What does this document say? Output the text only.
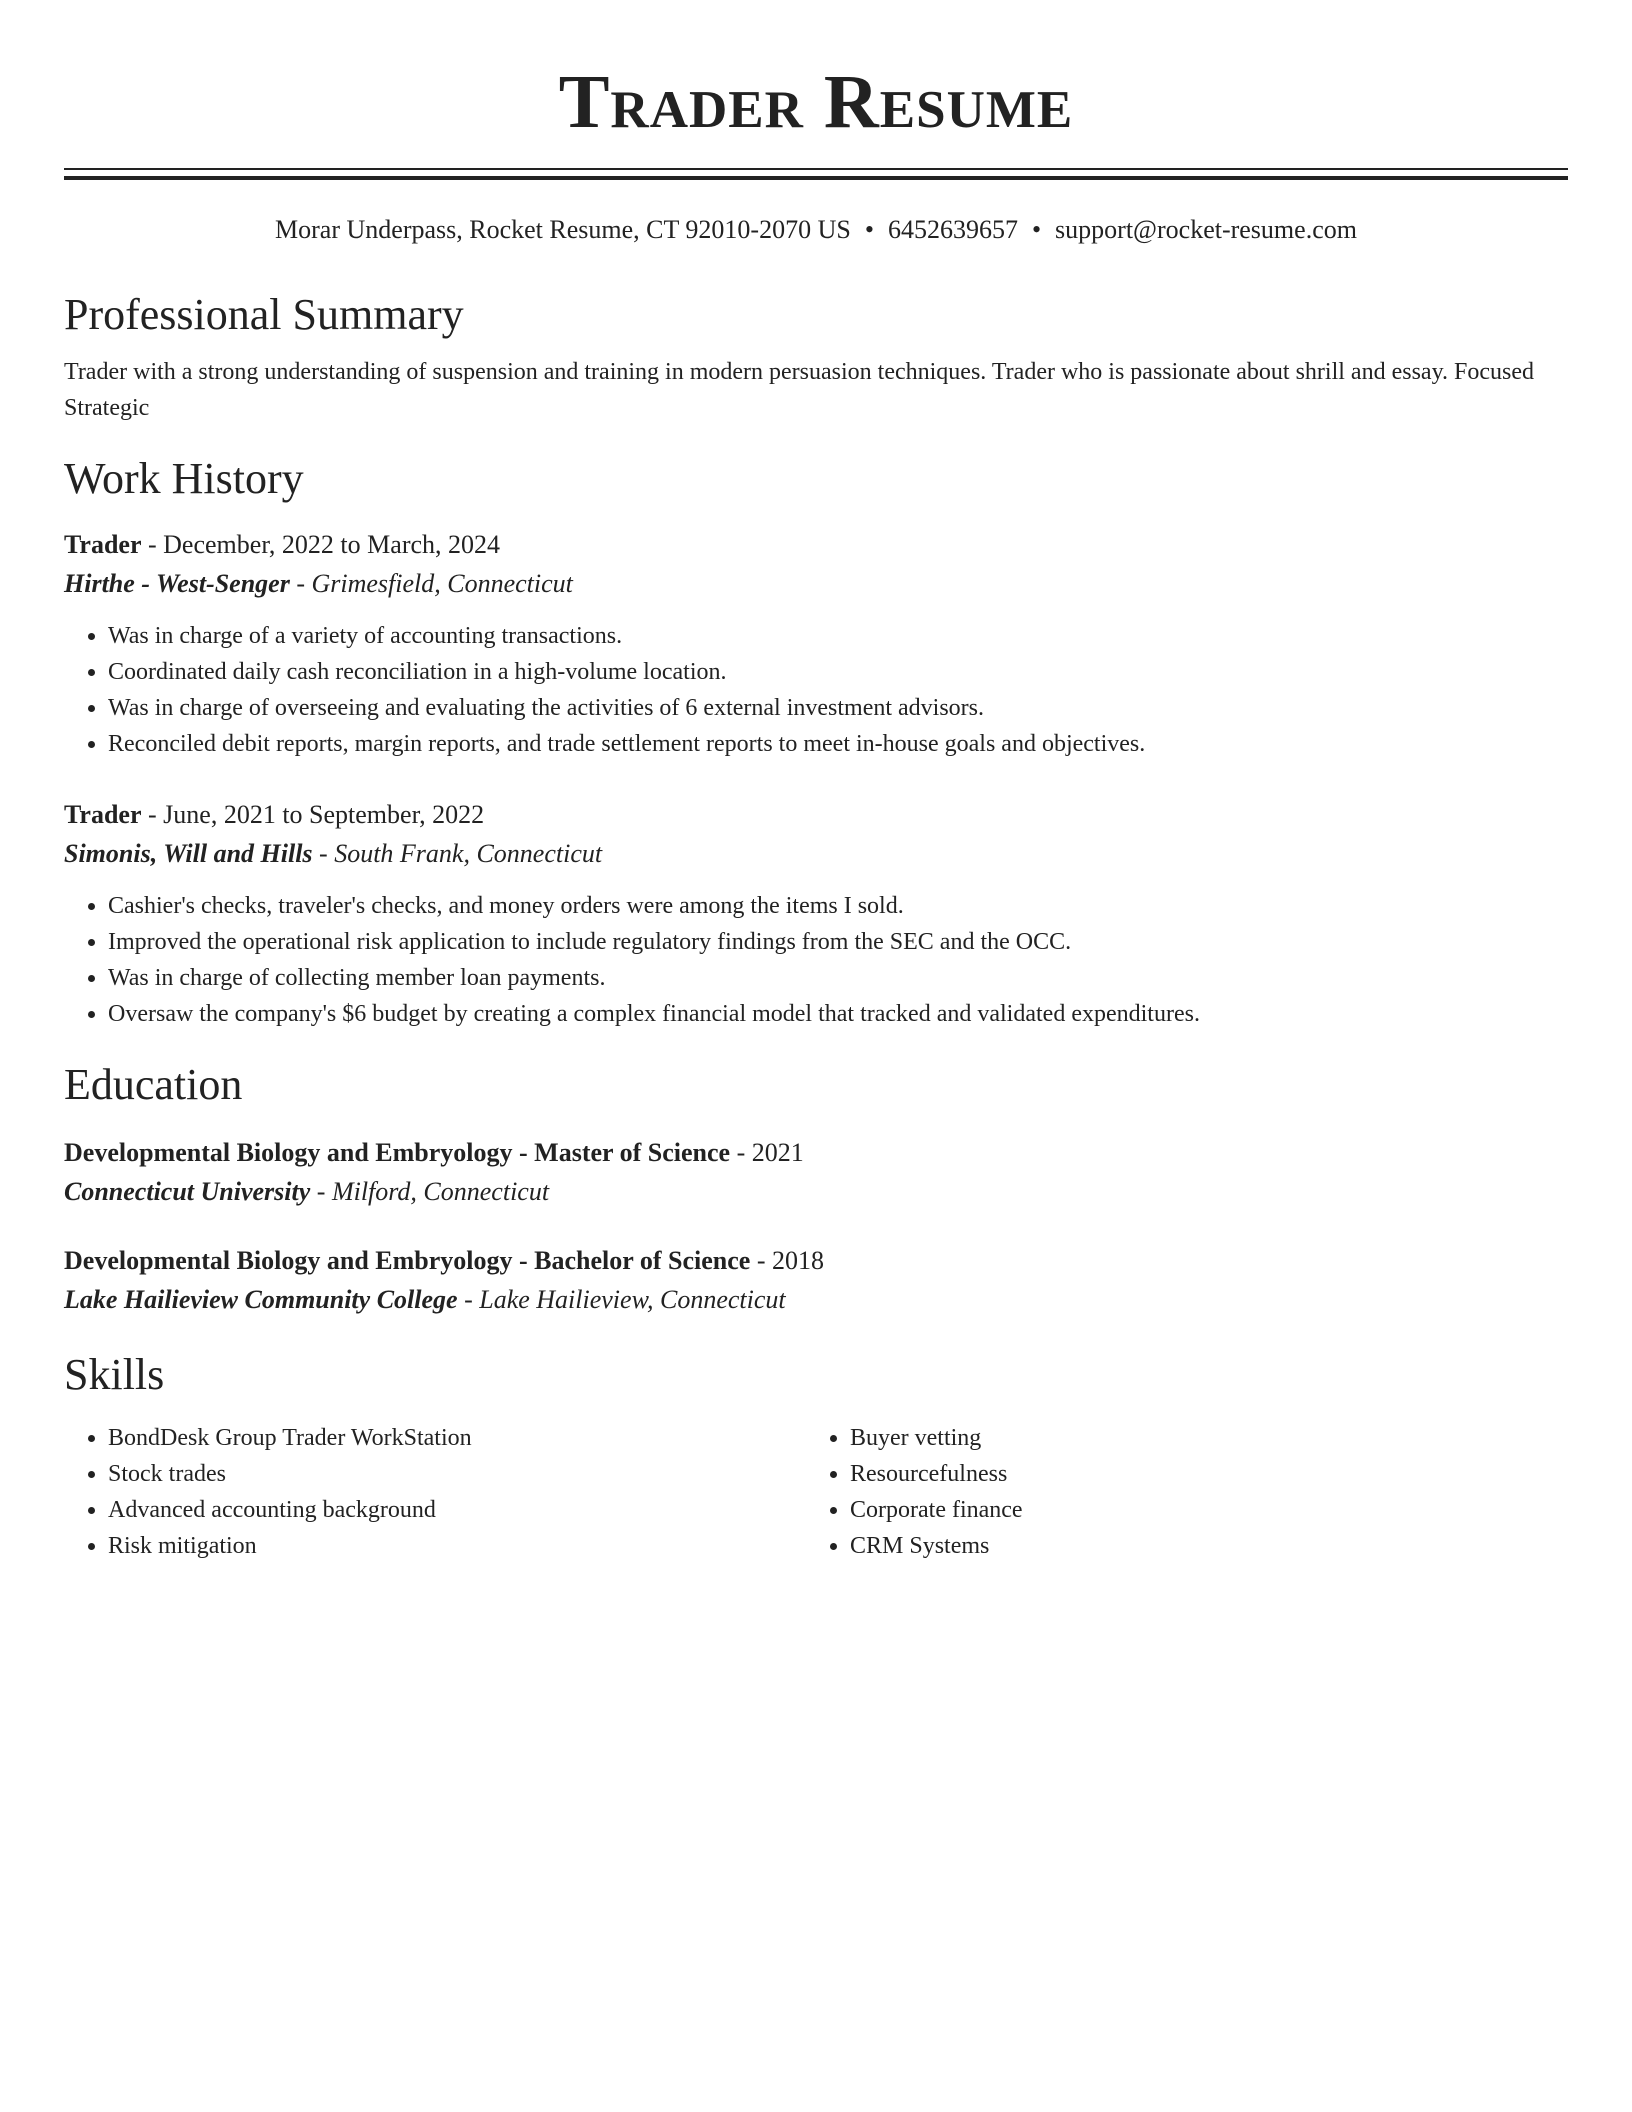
Trader Resume
Morar Underpass, Rocket Resume, CT 92010-2070 US • 6452639657 • support@rocket-resume.com
Professional Summary

Trader with a strong understanding of suspension and training in modern persuasion techniques. Trader who is passionate about shrill and essay. Focused Strategic

Work History
Trader - December, 2022 to March, 2024
Hirthe - West-Senger - Grimesfield, Connecticut
• Was in charge of a variety of accounting transactions.
• Coordinated daily cash reconciliation in a high-volume location.
• Was in charge of overseeing and evaluating the activities of 6 external investment advisors.
• Reconciled debit reports, margin reports, and trade settlement reports to meet in-house goals and objectives.
Trader - June, 2021 to September, 2022
Simonis, Will and Hills - South Frank, Connecticut
• Cashier's checks, traveler's checks, and money orders were among the items I sold.
• Improved the operational risk application to include regulatory findings from the SEC and the OCC.
• Was in charge of collecting member loan payments.
• Oversaw the company's $6 budget by creating a complex financial model that tracked and validated expenditures.
Education
Developmental Biology and Embryology - Master of Science - 2021
Connecticut University - Milford, Connecticut
Developmental Biology and Embryology - Bachelor of Science - 2018
Lake Hailieview Community College - Lake Hailieview, Connecticut
Skills
• BondDesk Group Trader WorkStation
• Stock trades
• Advanced accounting background
• Risk mitigation
• Buyer vetting
• Resourcefulness
• Corporate finance
• CRM Systems
